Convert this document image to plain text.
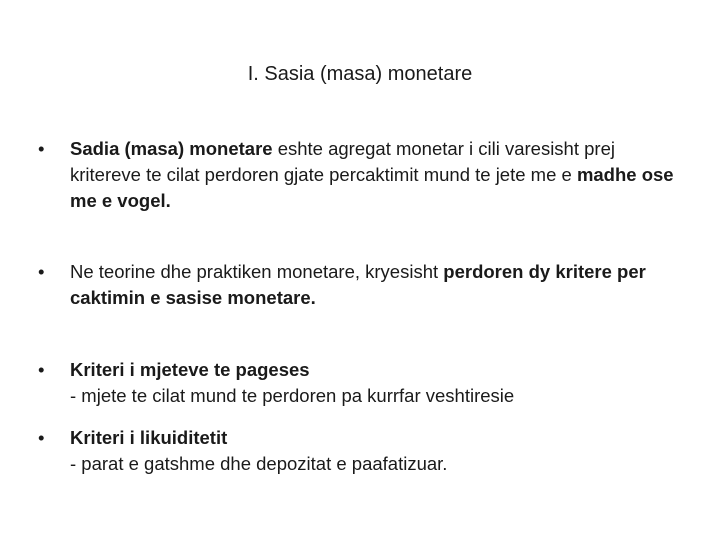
I. Sasia (masa) monetare
•	Sadia (masa) monetare eshte agregat monetar i cili varesisht prej kritereve te cilat perdoren gjate percaktimit mund te jete me e madhe ose me e vogel.
•	Ne teorine dhe praktiken monetare, kryesisht perdoren dy kritere per caktimin e sasise monetare.
•	Kriteri i mjeteve te pageses
- mjete te cilat mund te perdoren pa kurrfar veshtiresie
•	Kriteri i likuiditetit
- parat e gatshme dhe depozitat e paafatizuar.
